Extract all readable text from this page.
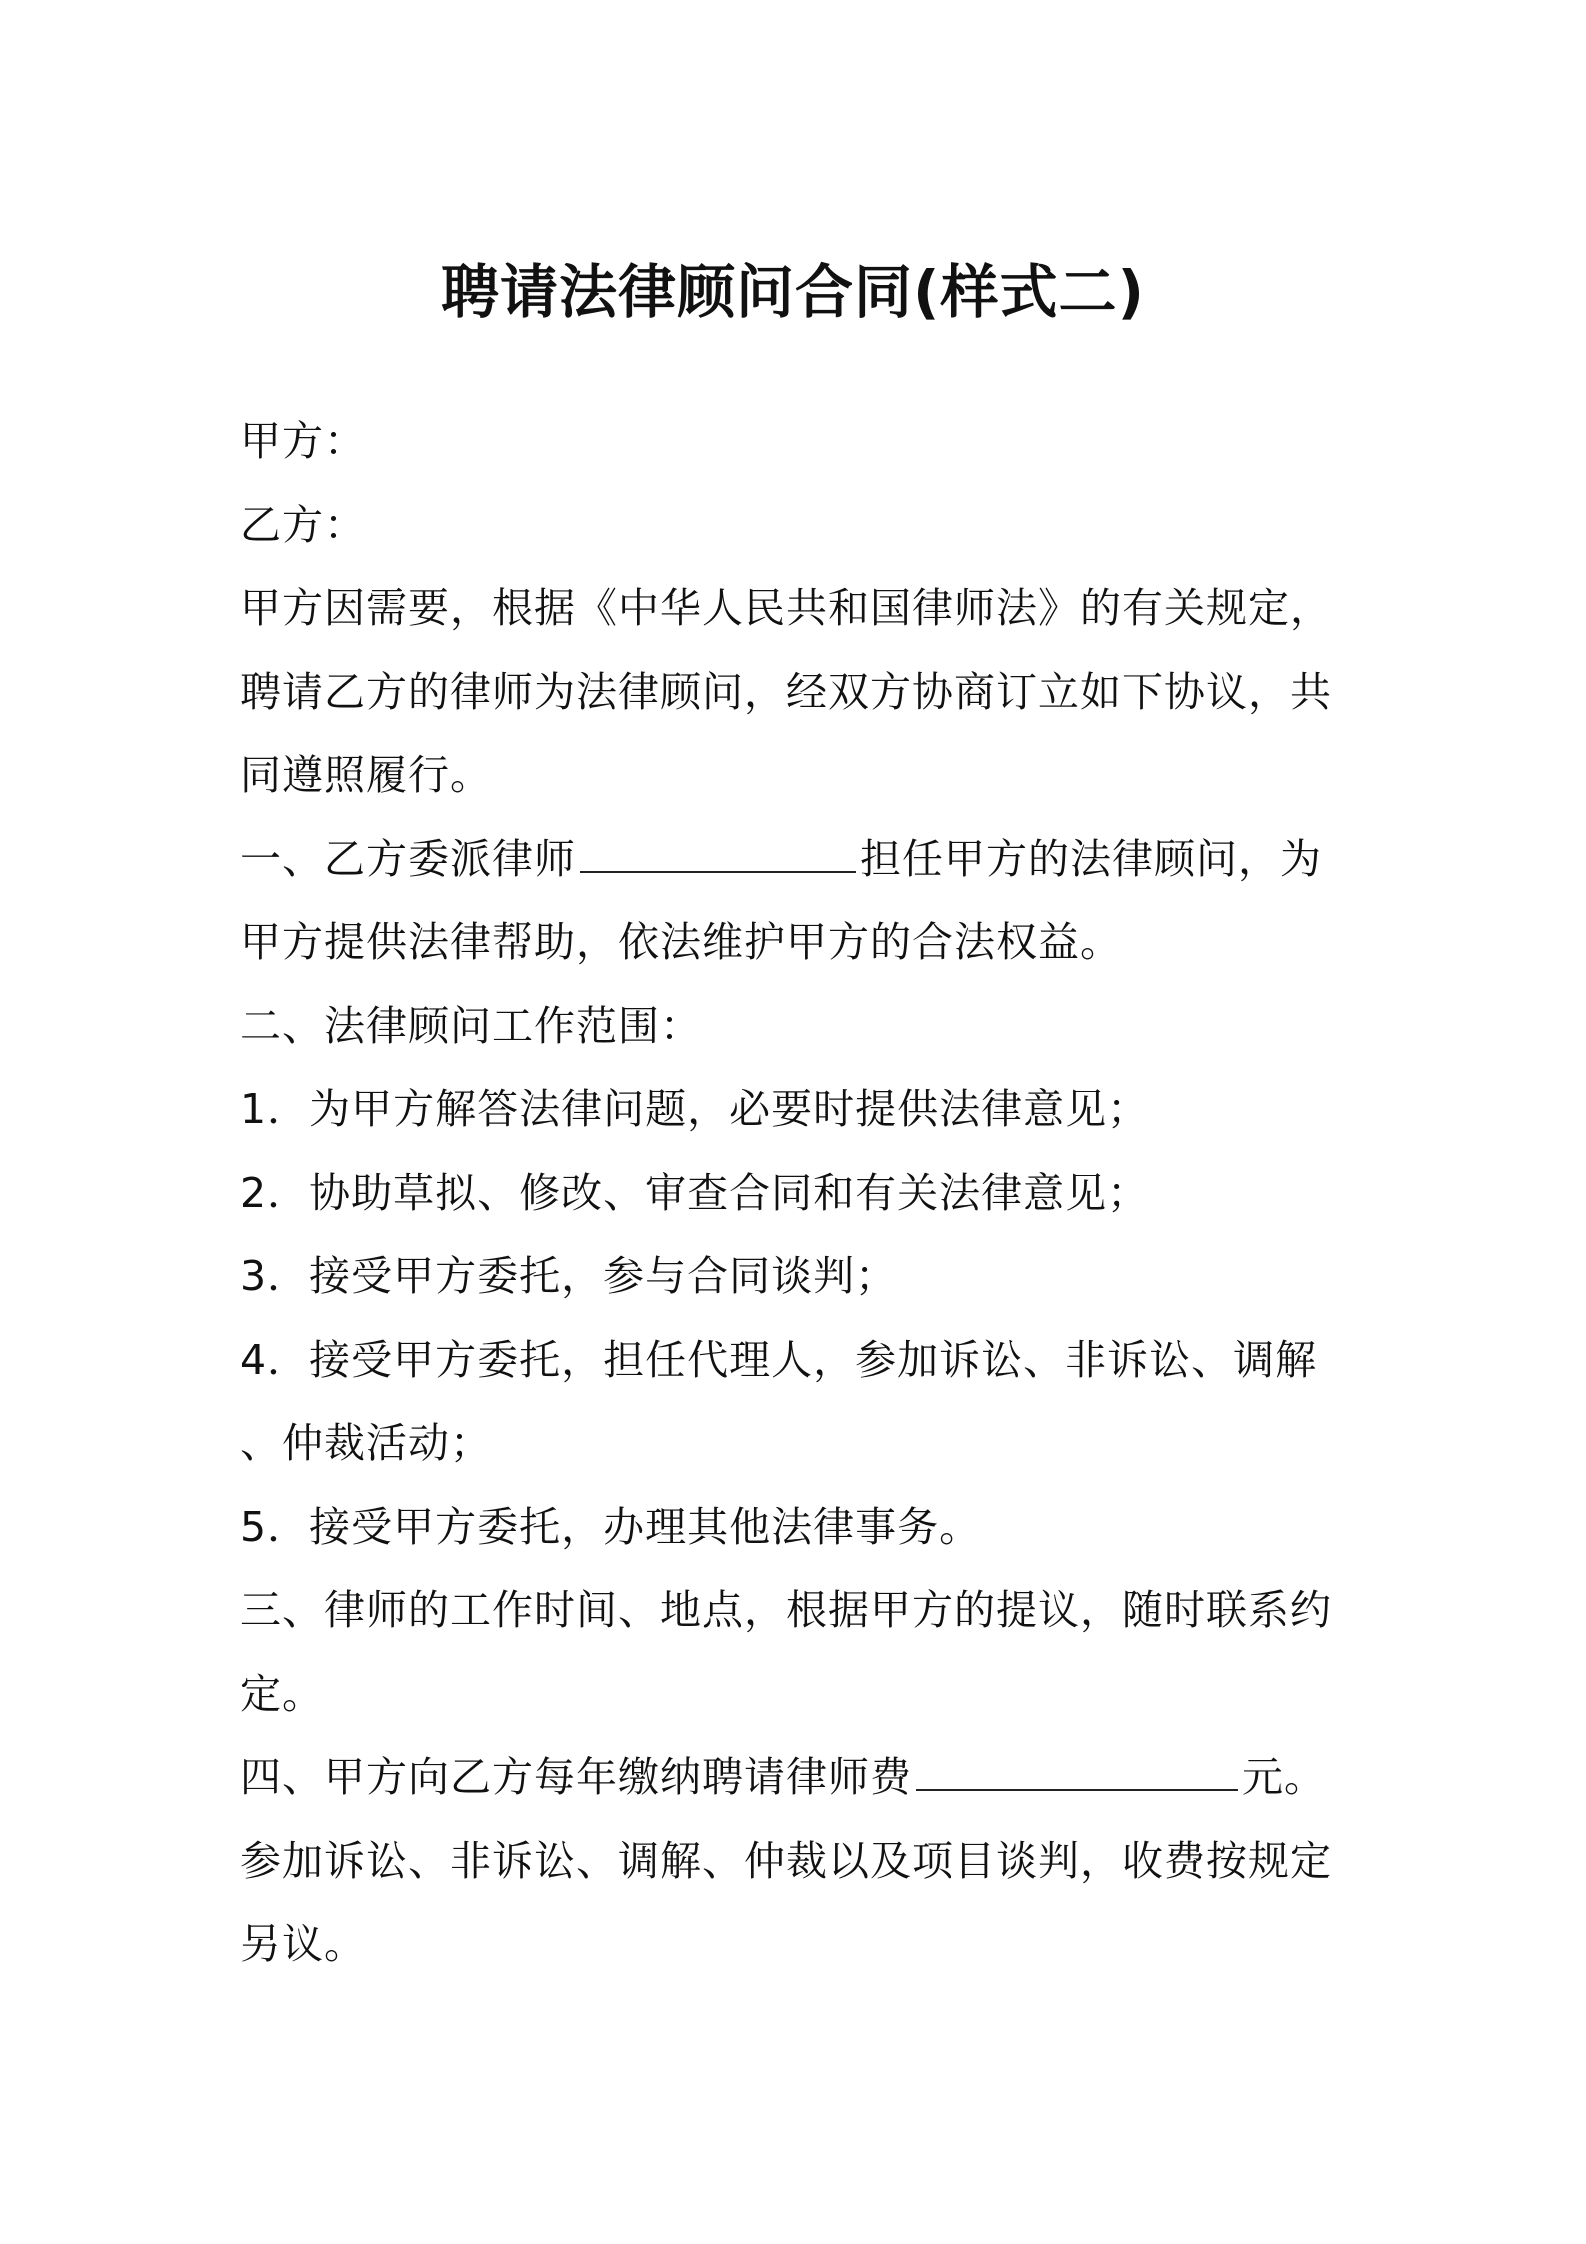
聘请法律顾问合同(样式二)
甲方：
乙方：
甲方因需要，根据《中华人民共和国律师法》的有关规定，
聘请乙方的律师为法律顾问，经双方协商订立如下协议，共
同遵照履行。
一、乙方委派律师	担任甲方的法律顾问，为
甲方提供法律帮助，依法维护甲方的合法权益。
二、法律顾问工作范围：
1．为甲方解答法律问题，必要时提供法律意见；
2．协助草拟、修改、审查合同和有关法律意见；
3．接受甲方委托，参与合同谈判；
4．接受甲方委托，担任代理人，参加诉讼、非诉讼、调解
、仲裁活动；
5．接受甲方委托，办理其他法律事务。
三、律师的工作时间、地点，根据甲方的提议，随时联系约
定。
四、甲方向乙方每年缴纳聘请律师费	元。
参加诉讼、非诉讼、调解、仲裁以及项目谈判，收费按规定
另议。
